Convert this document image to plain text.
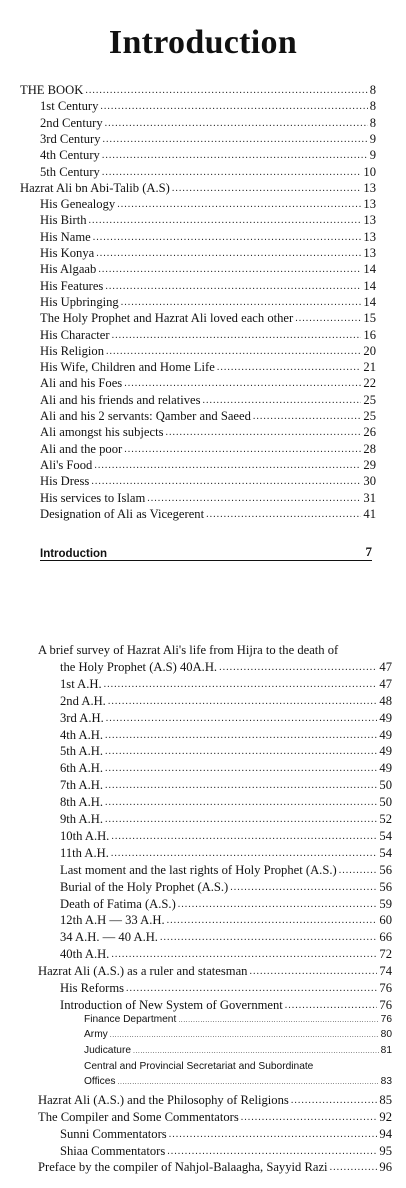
Introduction
THE BOOK .....	8
1st Century .....	8
2nd Century .....	8
3rd Century .....	9
4th Century .....	9
5th Century .....	10
Hazrat Ali bn Abi-Talib (A.S) .....	13
His Genealogy .....	13
His Birth .....	13
His Name .....	13
His Konya .....	13
His Algaab .....	14
His Features .....	14
His Upbringing .....	14
The Holy Prophet and Hazrat Ali loved each other .....	15
His Character .....	16
His Religion .....	20
His Wife, Children and Home Life .....	21
Ali and his Foes .....	22
Ali and his friends and relatives .....	25
Ali and his 2 servants: Qamber and Saeed .....	25
Ali amongst his subjects .....	26
Ali and the poor .....	28
Ali's Food .....	29
His Dress .....	30
His services to Islam .....	31
Designation of Ali as Vicegerent .....	41
Introduction	7
A brief survey of Hazrat Ali's life from Hijra to the death of
the Holy Prophet (A.S) 40A.H. .....	47
1st A.H. .....	47
2nd A.H. .....	48
3rd A.H. .....	49
4th A.H. .....	49
5th A.H. .....	49
6th A.H. .....	49
7th A.H. .....	50
8th A.H. .....	50
9th A.H. .....	52
10th A.H. .....	54
11th A.H. .....	54
Last moment and the last rights of Holy Prophet (A.S.) .....	56
Burial of the Holy Prophet (A.S.) .....	56
Death of Fatima (A.S.) .....	59
12th A.H — 33 A.H. .....	60
34 A.H. — 40 A.H. .....	66
40th A.H. .....	72
Hazrat Ali (A.S.) as a ruler and statesman .....	74
His Reforms .....	76
Introduction of New System of Government .....	76
Finance Department .....	76
Army .....	80
Judicature .....	81
Central and Provincial Secretariat and Subordinate
Offices .....	83
Hazrat Ali (A.S.) and the Philosophy of Religions .....	85
The Compiler and Some Commentators .....	92
Sunni Commentators .....	94
Shiaa Commentators .....	95
Preface by the compiler of Nahjol-Balaagha, Sayyid Razi .....	96
